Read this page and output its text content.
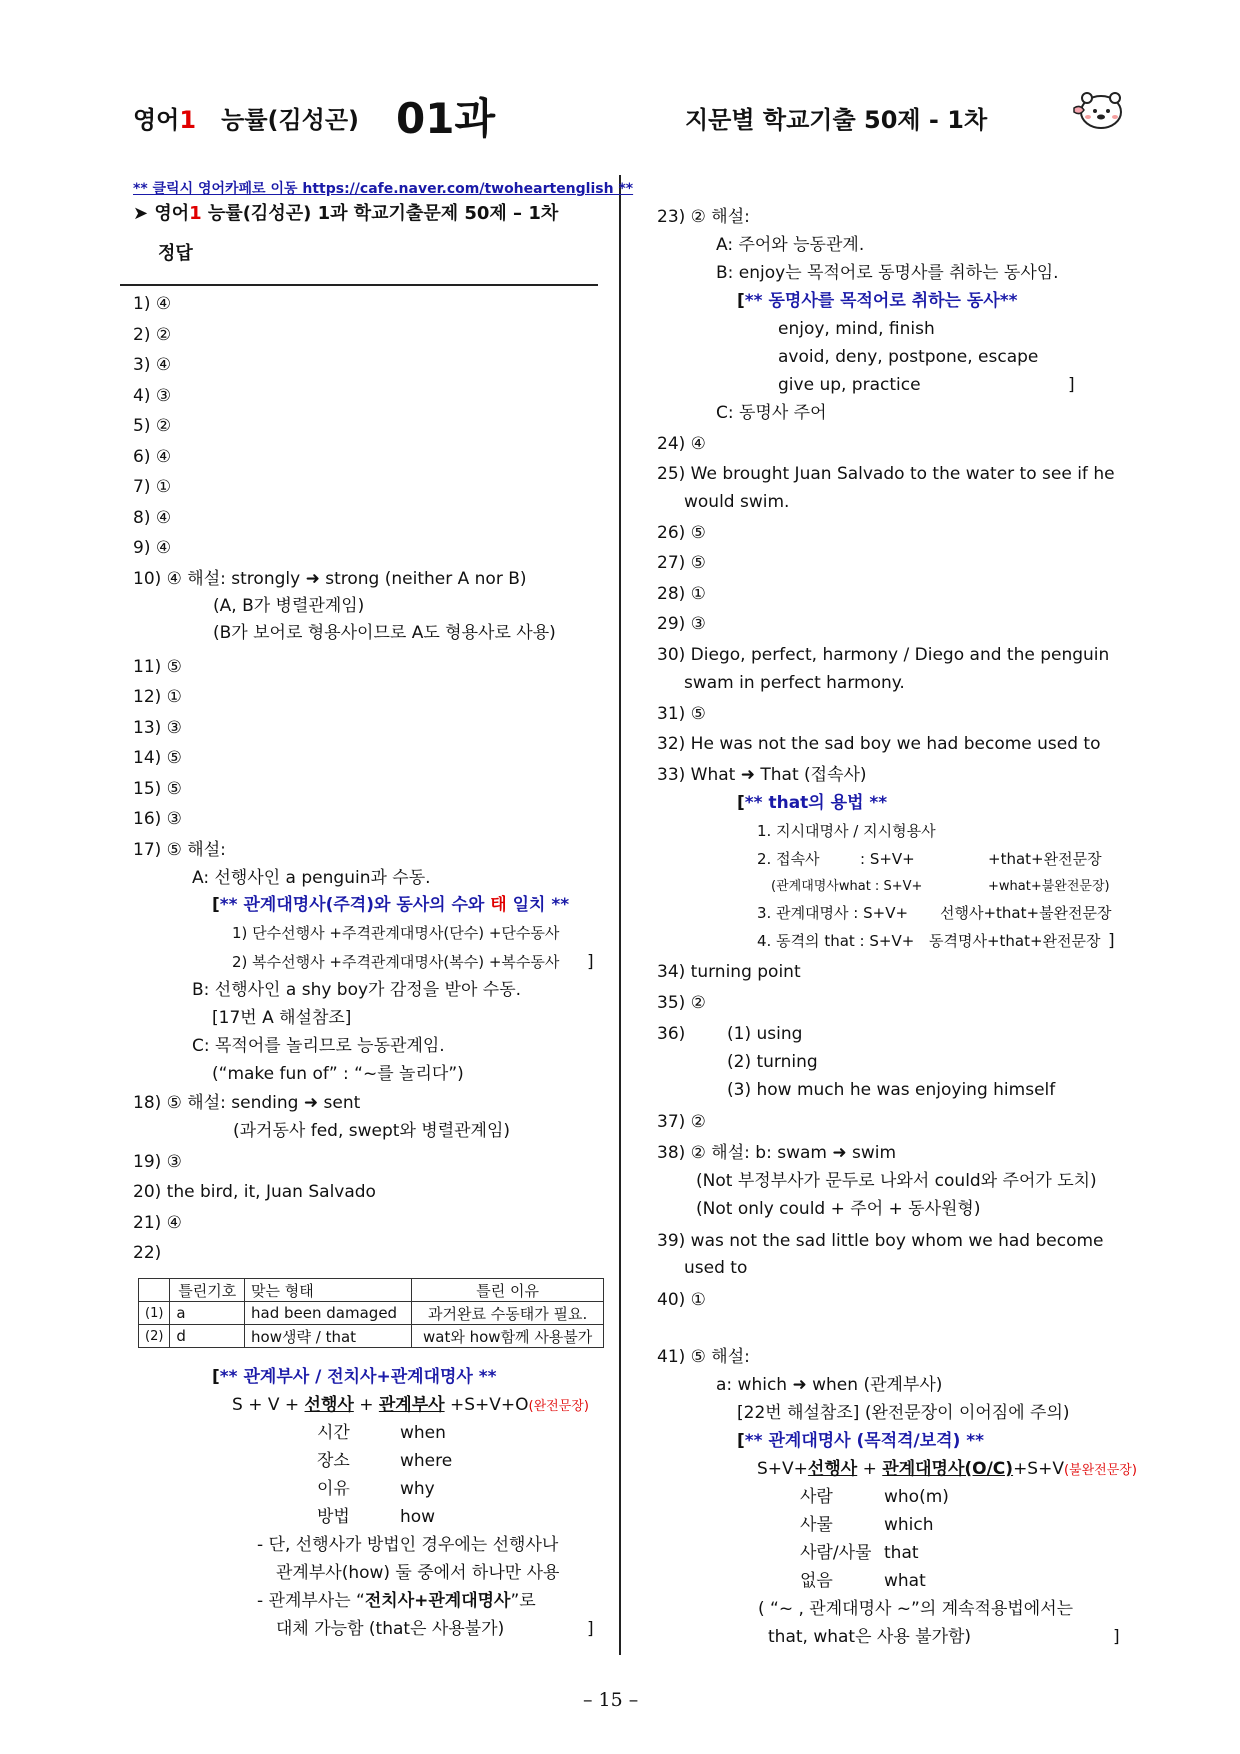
영어1 능률(김성곤) 01과	지문별 학교기출 50제 - 1차
** 클릭시 영어카페로 이동 https://cafe.naver.com/twoheartenglish **
➤ 영어1 능률(김성곤) 1과 학교기출문제 50제 – 1차
정답
1) ④
2) ②
3) ④
4) ③
5) ②
6) ④
7) ①
8) ④
9) ④
10) ④ 해설: strongly ➜ strong (neither A nor B)
(A, B가 병렬관계임)
(B가 보어로 형용사이므로 A도 형용사로 사용)
11) ⑤
12) ①
13) ③
14) ⑤
15) ⑤
16) ③
17) ⑤ 해설:
A: 선행사인 a penguin과 수동.
[** 관계대명사(주격)와 동사의 수와 태 일치 **
1) 단수선행사 +주격관계대명사(단수) +단수동사
2) 복수선행사 +주격관계대명사(복수) +복수동사 ]
B: 선행사인 a shy boy가 감정을 받아 수동.
[17번 A 해설참조]
C: 목적어를 놀리므로 능동관계임.
(“make fun of” : “~를 놀리다”)
18) ⑤ 해설: sending ➜ sent
(과거동사 fed, swept와 병렬관계임)
19) ③
20) the bird, it, Juan Salvado
21) ④
22)
	틀린기호	맞는 형태	틀린 이유
(1)	a	had been damaged	과거완료 수동태가 필요.
(2)	d	how생략 / that	wat와 how함께 사용불가
[** 관계부사 / 전치사+관계대명사 **
S + V + 선행사 + 관계부사 +S+V+O(완전문장)
시간	when
장소	where
이유	why
방법	how
- 단, 선행사가 방법인 경우에는 선행사나
관계부사(how) 둘 중에서 하나만 사용
- 관계부사는 “전치사+관계대명사”로
대체 가능함 (that은 사용불가)	]
23) ② 해설:
A: 주어와 능동관계.
B: enjoy는 목적어로 동명사를 취하는 동사임.
[** 동명사를 목적어로 취하는 동사**
enjoy, mind, finish
avoid, deny, postpone, escape
give up, practice	]
C: 동명사 주어
24) ④
25) We brought Juan Salvado to the water to see if he
would swim.
26) ⑤
27) ⑤
28) ①
29) ③
30) Diego, perfect, harmony / Diego and the penguin
swam in perfect harmony.
31) ⑤
32) He was not the sad boy we had become used to
33) What ➜ That (접속사)
[** that의 용법 **
1. 지시대명사 / 지시형용사
2. 접속사	: S+V+	+that+완전문장
(관계대명사what : S+V+	+what+불완전문장)
3. 관계대명사 : S+V+ 선행사+that+불완전문장
4. 동격의 that : S+V+ 동격명사+that+완전문장 ]
34) turning point
35) ②
36) (1) using
(2) turning
(3) how much he was enjoying himself
37) ②
38) ② 해설: b: swam ➜ swim
(Not 부정부사가 문두로 나와서 could와 주어가 도치)
(Not only could + 주어 + 동사원형)
39) was not the sad little boy whom we had become
used to
40) ①
41) ⑤ 해설:
a: which ➜ when (관계부사)
[22번 해설참조] (완전문장이 이어짐에 주의)
[** 관계대명사 (목적격/보격) **
S+V+선행사 + 관계대명사(O/C)+S+V(불완전문장)
사람	who(m)
사물	which
사람/사물 that
없음	what
( “~ , 관계대명사 ~”의 계속적용법에서는
that, what은 사용 불가함)	]
– 15 –
